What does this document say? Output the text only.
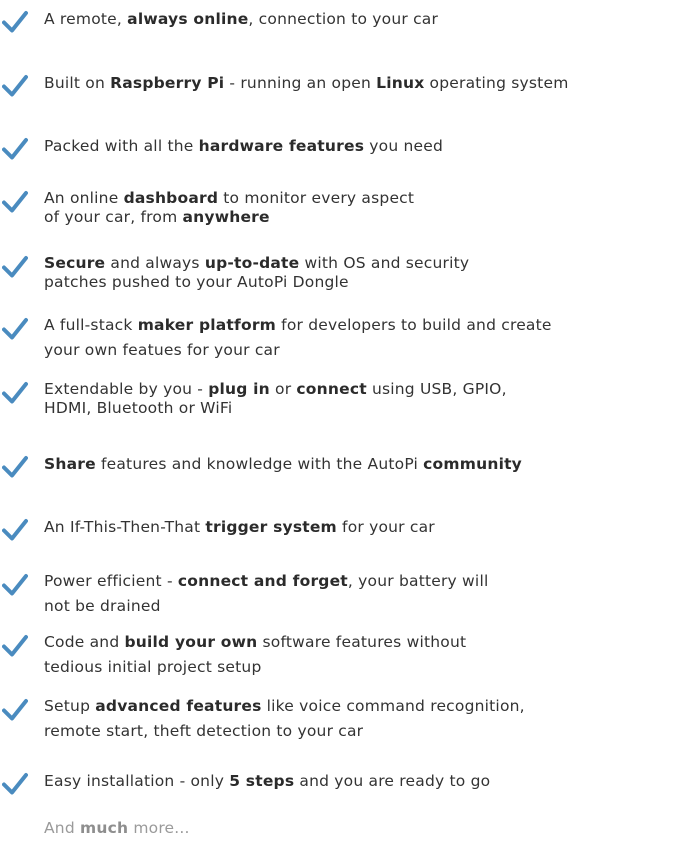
A remote, always online, connection to your car
Built on Raspberry Pi - running an open Linux operating system
Packed with all the hardware features you need
An online dashboard to monitor every aspect
of your car, from anywhere
Secure and always up-to-date with OS and security
patches pushed to your AutoPi Dongle
A full-stack maker platform for developers to build and create
your own featues for your car
Extendable by you - plug in or connect using USB, GPIO,
HDMI, Bluetooth or WiFi
Share features and knowledge with the AutoPi community
An If-This-Then-That trigger system for your car
Power efficient - connect and forget, your battery will
not be drained
Code and build your own software features without
tedious initial project setup
Setup advanced features like voice command recognition,
remote start, theft detection to your car
Easy installation - only 5 steps and you are ready to go
And much more...
